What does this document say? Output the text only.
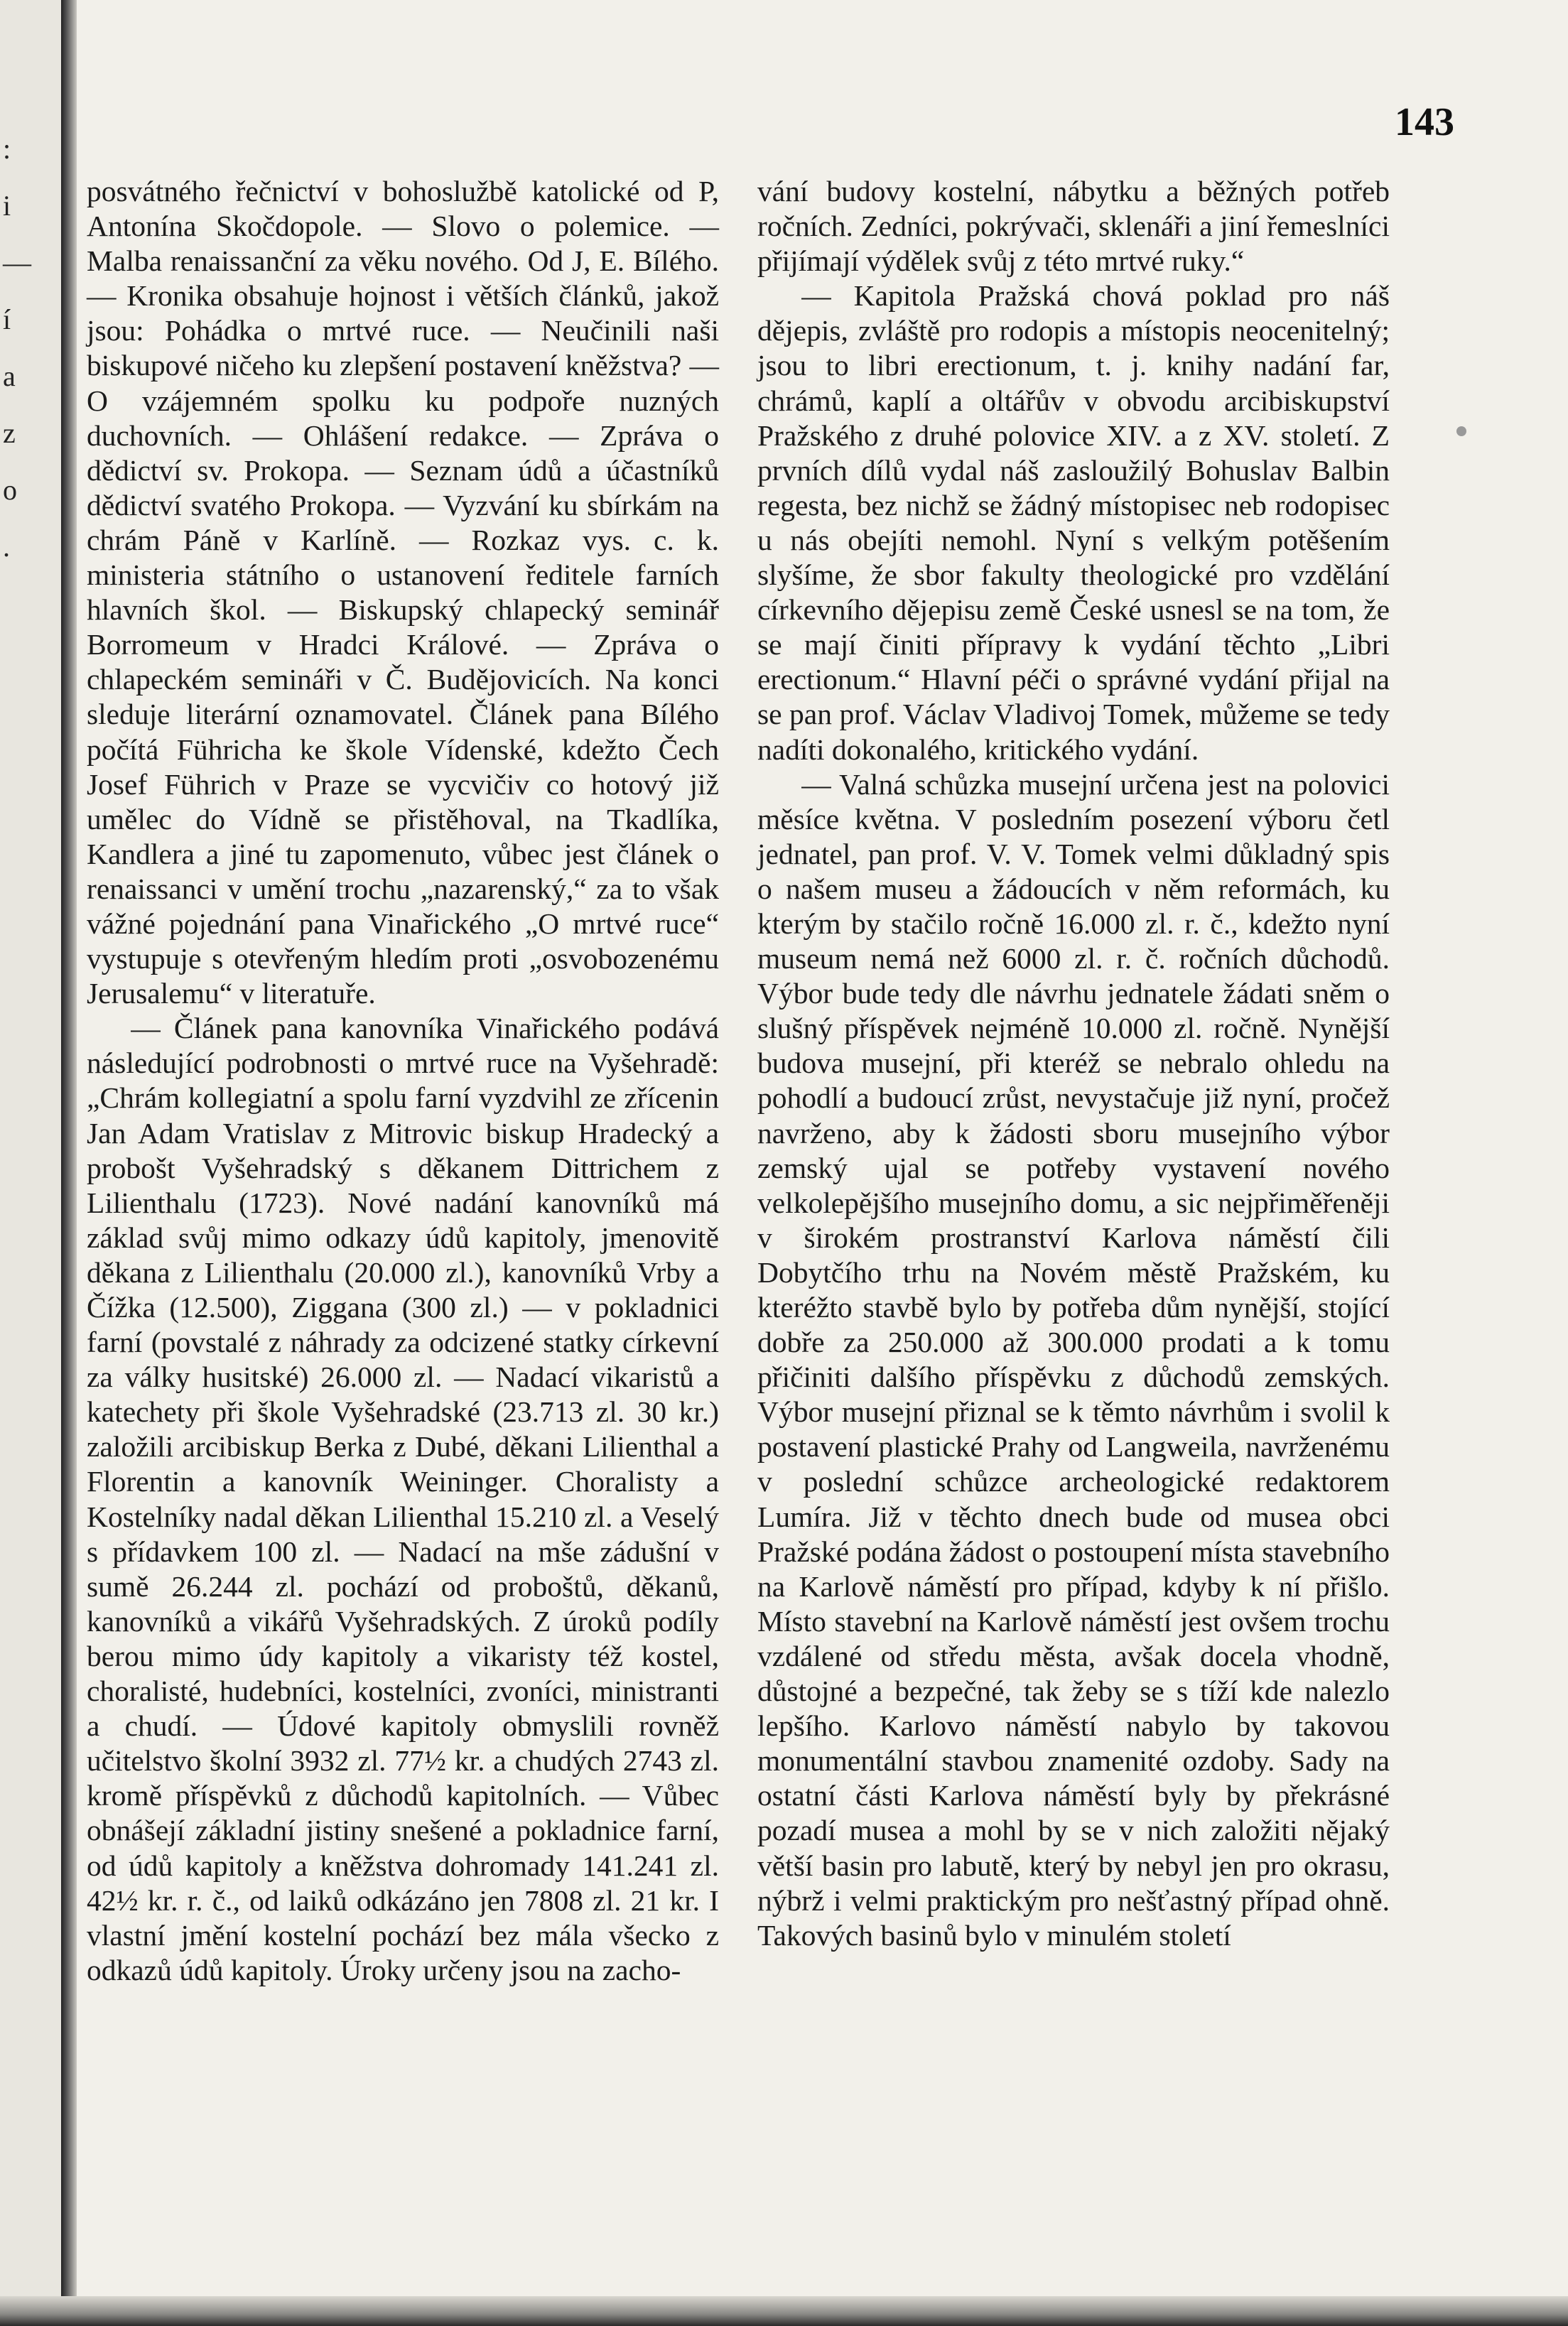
:
i
—
í
a
z
o
.
143

posvátného řečnictví v bohoslužbě katolické od P, Antonína Skočdopole. — Slovo o polemice. — Malba renaissanční za věku nového. Od J, E. Bílého. — Kronika obsahuje hojnost i větších článků, jakož jsou: Pohádka o mrtvé ruce. — Neučinili naši biskupové ničeho ku zlepšení postavení kněžstva? — O vzájemném spolku ku podpoře nuzných duchovních. — Ohlášení redakce. — Zpráva o dědictví sv. Prokopa. — Seznam údů a účastníků dědictví svatého Prokopa. — Vyzvání ku sbírkám na chrám Páně v Karlíně. — Rozkaz vys. c. k. ministeria státního o ustanovení ředitele farních hlavních škol. — Biskupský chlapecký seminář Borromeum v Hradci Králové. — Zpráva o chlapeckém semináři v Č. Budějovicích. Na konci sleduje literární oznamovatel. Článek pana Bílého počítá Führicha ke škole Vídenské, kdežto Čech Josef Führich v Praze se vycvičiv co hotový již umělec do Vídně se přistěhoval, na Tkadlíka, Kandlera a jiné tu zapomenuto, vůbec jest článek o renaissanci v umění trochu „nazarenský,“ za to však vážné pojednání pana Vinařického „O mrtvé ruce“ vystupuje s otevřeným hledím proti „osvobozenému Jerusalemu“ v literatuře.

— Článek pana kanovníka Vinařického podává následující podrobnosti o mrtvé ruce na Vyšehradě: „Chrám kollegiatní a spolu farní vyzdvihl ze zřícenin Jan Adam Vratislav z Mitrovic biskup Hradecký a probošt Vyšehradský s děkanem Dittrichem z Lilienthalu (1723). Nové nadání kanovníků má základ svůj mimo odkazy údů kapitoly, jmenovitě děkana z Lilienthalu (20.000 zl.), kanovníků Vrby a Čížka (12.500), Ziggana (300 zl.) — v pokladnici farní (povstalé z náhrady za odcizené statky církevní za války husitské) 26.000 zl. — Nadací vikaristů a katechety při škole Vyšehradské (23.713 zl. 30 kr.) založili arcibiskup Berka z Dubé, děkani Lilienthal a Florentin a kanovník Weininger. Choralisty a Kostelníky nadal děkan Lilienthal 15.210 zl. a Veselý s přídavkem 100 zl. — Nadací na mše zádušní v sumě 26.244 zl. pochází od proboštů, děkanů, kanovníků a vikářů Vyšehradských. Z úroků podíly berou mimo údy kapitoly a vikaristy též kostel, choralisté, hudebníci, kostelníci, zvoníci, ministranti a chudí. — Údové kapitoly obmyslili rovněž učitelstvo školní 3932 zl. 77½ kr. a chudých 2743 zl. kromě příspěvků z důchodů kapitolních. — Vůbec obnášejí základní jistiny snešené a pokladnice farní, od údů kapitoly a kněžstva dohromady 141.241 zl. 42½ kr. r. č., od laiků odkázáno jen 7808 zl. 21 kr. I vlastní jmění kostelní pochází bez mála všecko z odkazů údů kapitoly. Úroky určeny jsou na zacho-

vání budovy kostelní, nábytku a běžných potřeb ročních. Zedníci, pokrývači, sklenáři a jiní řemeslníci přijímají výdělek svůj z této mrtvé ruky.“

— Kapitola Pražská chová poklad pro náš dějepis, zvláště pro rodopis a místopis neocenitelný; jsou to libri erectionum, t. j. knihy nadání far, chrámů, kaplí a oltářův v obvodu arcibiskupství Pražského z druhé polovice XIV. a z XV. století. Z prvních dílů vydal náš zasloužilý Bohuslav Balbin regesta, bez nichž se žádný místopisec neb rodopisec u nás obejíti nemohl. Nyní s velkým potěšením slyšíme, že sbor fakulty theologické pro vzdělání církevního dějepisu země České usnesl se na tom, že se mají činiti přípravy k vydání těchto „Libri erectionum.“ Hlavní péči o správné vydání přijal na se pan prof. Václav Vladivoj Tomek, můžeme se tedy nadíti dokonalého, kritického vydání.

— Valná schůzka musejní určena jest na polovici měsíce května. V posledním posezení výboru četl jednatel, pan prof. V. V. Tomek velmi důkladný spis o našem museu a žádoucích v něm reformách, ku kterým by stačilo ročně 16.000 zl. r. č., kdežto nyní museum nemá než 6000 zl. r. č. ročních důchodů. Výbor bude tedy dle návrhu jednatele žádati sněm o slušný příspěvek nejméně 10.000 zl. ročně. Nynější budova musejní, při kteréž se nebralo ohledu na pohodlí a budoucí zrůst, nevystačuje již nyní, pročež navrženo, aby k žádosti sboru musejního výbor zemský ujal se potřeby vystavení nového velkolepějšího musejního domu, a sic nejpřiměřeněji v širokém prostranství Karlova náměstí čili Dobytčího trhu na Novém městě Pražském, ku kteréžto stavbě bylo by potřeba dům nynější, stojící dobře za 250.000 až 300.000 prodati a k tomu přičiniti dalšího příspěvku z důchodů zemských. Výbor musejní přiznal se k těmto návrhům i svolil k postavení plastické Prahy od Langweila, navrženému v poslední schůzce archeologické redaktorem Lumíra. Již v těchto dnech bude od musea obci Pražské podána žádost o postoupení místa stavebního na Karlově náměstí pro případ, kdyby k ní přišlo. Místo stavební na Karlově náměstí jest ovšem trochu vzdálené od středu města, avšak docela vhodně, důstojné a bezpečné, tak žeby se s tíží kde nalezlo lepšího. Karlovo náměstí nabylo by takovou monumentální stavbou znamenité ozdoby. Sady na ostatní části Karlova náměstí byly by překrásné pozadí musea a mohl by se v nich založiti nějaký větší basin pro labutě, který by nebyl jen pro okrasu, nýbrž i velmi praktickým pro nešťastný případ ohně. Takových basinů bylo v minulém století
